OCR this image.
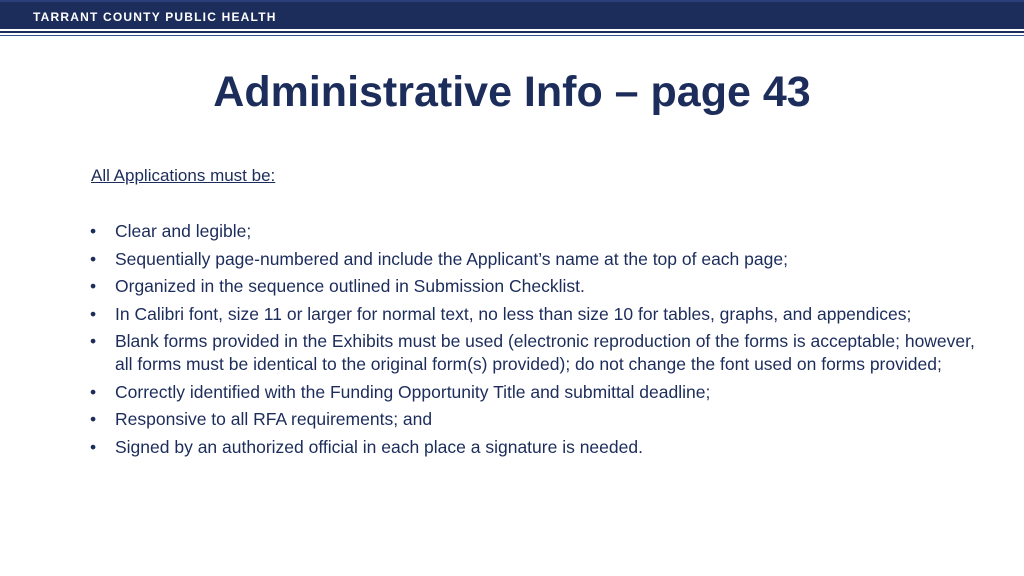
TARRANT COUNTY PUBLIC HEALTH
Administrative Info – page 43
All Applications must be:
• Clear and legible;
• Sequentially page-numbered and include the Applicant’s name at the top of each page;
• Organized in the sequence outlined in Submission Checklist.
• In Calibri font, size 11 or larger for normal text, no less than size 10 for tables, graphs, and appendices;
• Blank forms provided in the Exhibits must be used (electronic reproduction of the forms is acceptable; however, all forms must be identical to the original form(s) provided); do not change the font used on forms provided;
• Correctly identified with the Funding Opportunity Title and submittal deadline;
• Responsive to all RFA requirements; and
• Signed by an authorized official in each place a signature is needed.
